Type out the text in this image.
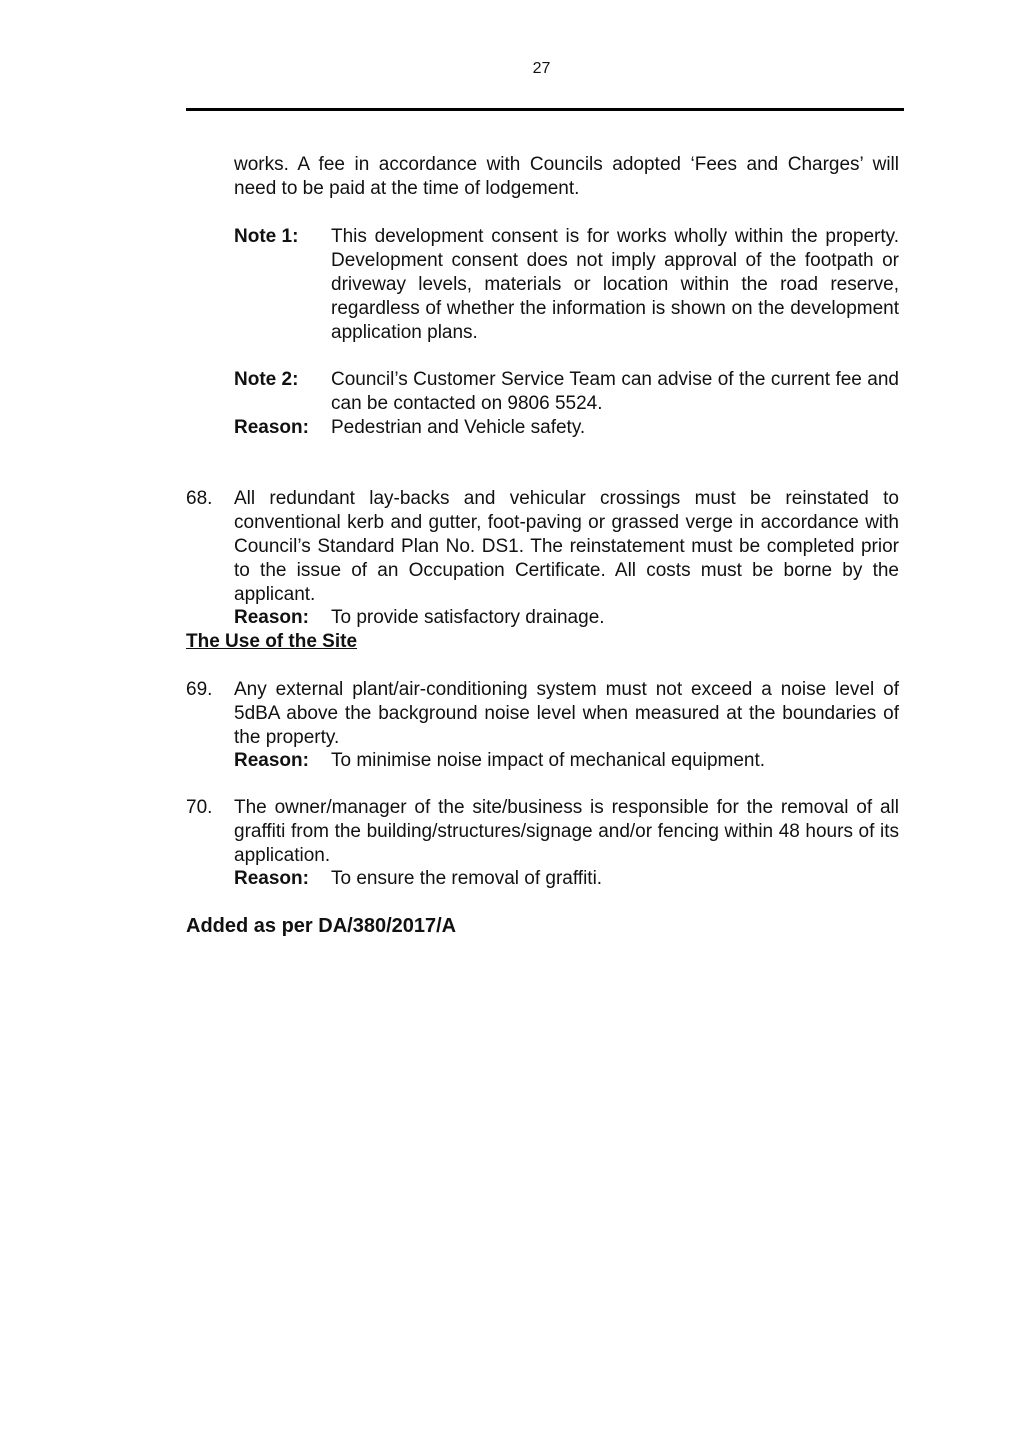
27
works. A fee in accordance with Councils adopted ‘Fees and Charges’ will need to be paid at the time of lodgement.
Note 1: This development consent is for works wholly within the property. Development consent does not imply approval of the footpath or driveway levels, materials or location within the road reserve, regardless of whether the information is shown on the development application plans.
Note 2: Council’s Customer Service Team can advise of the current fee and can be contacted on 9806 5524.
Reason: Pedestrian and Vehicle safety.
68. All redundant lay-backs and vehicular crossings must be reinstated to conventional kerb and gutter, foot-paving or grassed verge in accordance with Council’s Standard Plan No. DS1. The reinstatement must be completed prior to the issue of an Occupation Certificate. All costs must be borne by the applicant.
Reason: To provide satisfactory drainage.
The Use of the Site
69. Any external plant/air-conditioning system must not exceed a noise level of 5dBA above the background noise level when measured at the boundaries of the property.
Reason: To minimise noise impact of mechanical equipment.
70. The owner/manager of the site/business is responsible for the removal of all graffiti from the building/structures/signage and/or fencing within 48 hours of its application.
Reason: To ensure the removal of graffiti.
Added as per DA/380/2017/A
